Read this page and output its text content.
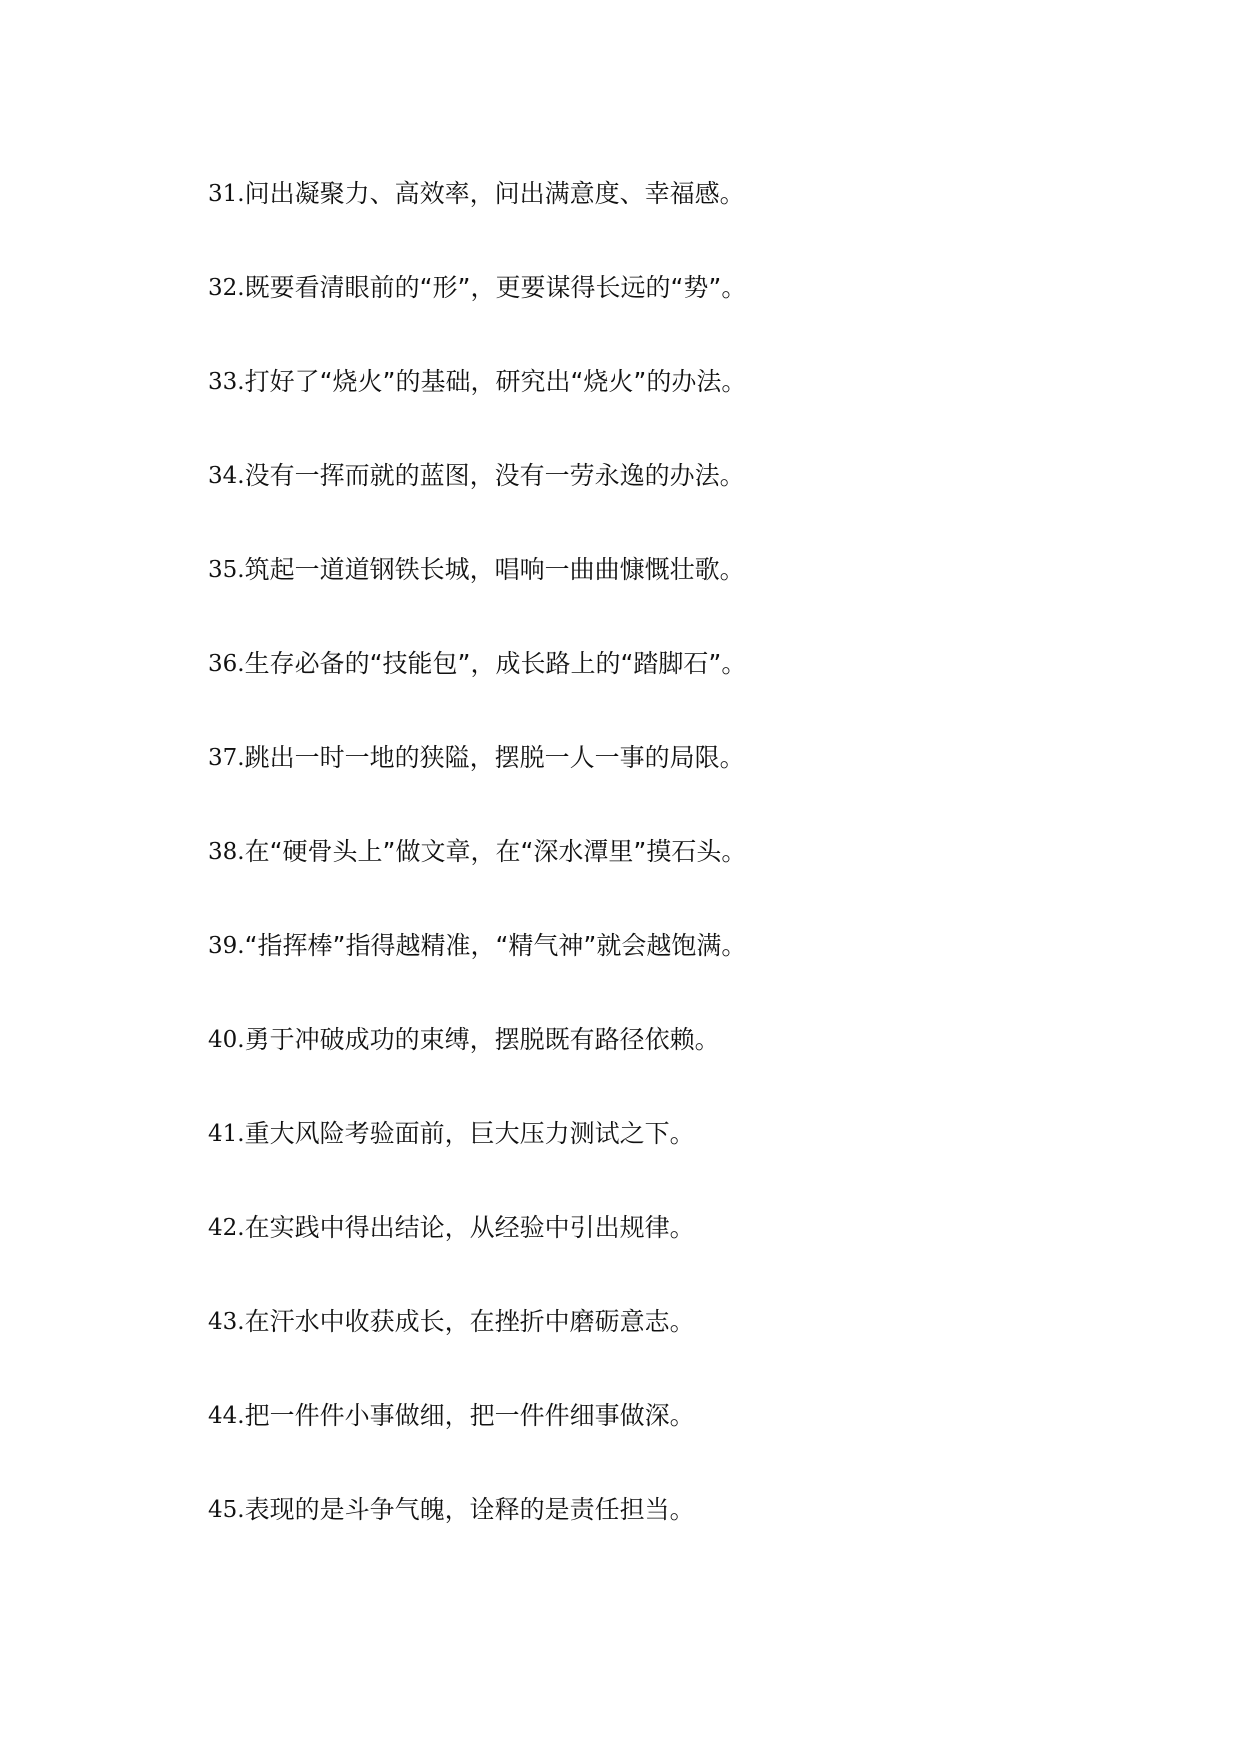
31. 问出凝聚力、高效率，问出满意度、幸福感。
32. 既要看清眼前的“形”，更要谋得长远的“势”。
33. 打好了“烧火”的基础，研究出“烧火”的办法。
34. 没有一挥而就的蓝图，没有一劳永逸的办法。
35. 筑起一道道钢铁长城，唱响一曲曲慷慨壮歌。
36. 生存必备的“技能包”，成长路上的“踏脚石”。
37. 跳出一时一地的狭隘，摆脱一人一事的局限。
38. 在“硬骨头上”做文章，在“深水潭里”摸石头。
39. “指挥棒”指得越精准，“精气神”就会越饱满。
40. 勇于冲破成功的束缚，摆脱既有路径依赖。
41. 重大风险考验面前，巨大压力测试之下。
42. 在实践中得出结论，从经验中引出规律。
43. 在汗水中收获成长，在挫折中磨砺意志。
44. 把一件件小事做细，把一件件细事做深。
45. 表现的是斗争气魄，诠释的是责任担当。
